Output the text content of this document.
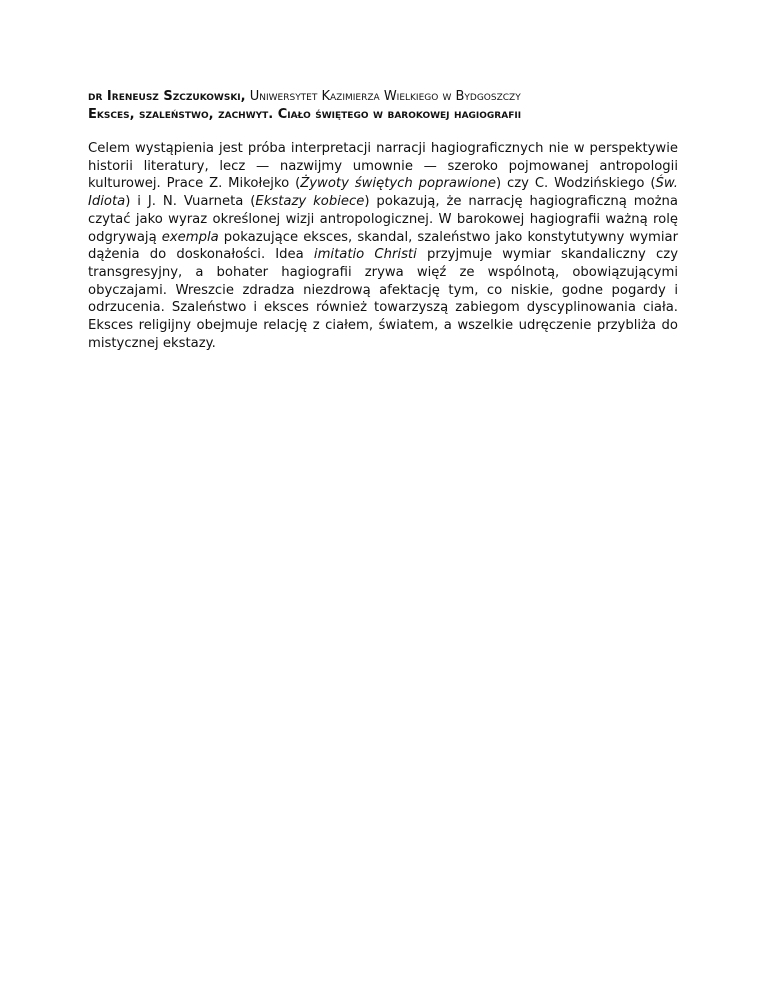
dr Ireneusz Szczukowski, Uniwersytet Kazimierza Wielkiego w Bydgoszczy

Eksces, szaleństwo, zachwyt. Ciało świętego w barokowej hagiografii

Celem wystąpienia jest próba interpretacji narracji hagiograficznych nie w perspektywie historii literatury, lecz — nazwijmy umownie — szeroko pojmowanej antropologii kulturowej. Prace Z. Mikołejko (Żywoty świętych poprawione) czy C. Wodzińskiego (Św. Idiota) i J. N. Vuarneta (Ekstazy kobiece) pokazują, że narrację hagiograficzną można czytać jako wyraz określonej wizji antropologicznej. W barokowej hagiografii ważną rolę odgrywają exempla pokazujące eksces, skandal, szaleństwo jako konstytutywny wymiar dążenia do doskonałości. Idea imitatio Christi przyjmuje wymiar skandaliczny czy transgresyjny, a bohater hagiografii zrywa więź ze wspólnotą, obowiązującymi obyczajami. Wreszcie zdradza niezdrową afektację tym, co niskie, godne pogardy i odrzucenia. Szaleństwo i eksces również towarzyszą zabiegom dyscyplinowania ciała. Eksces religijny obejmuje relację z ciałem, światem, a wszelkie udręczenie przybliża do mistycznej ekstazy.
